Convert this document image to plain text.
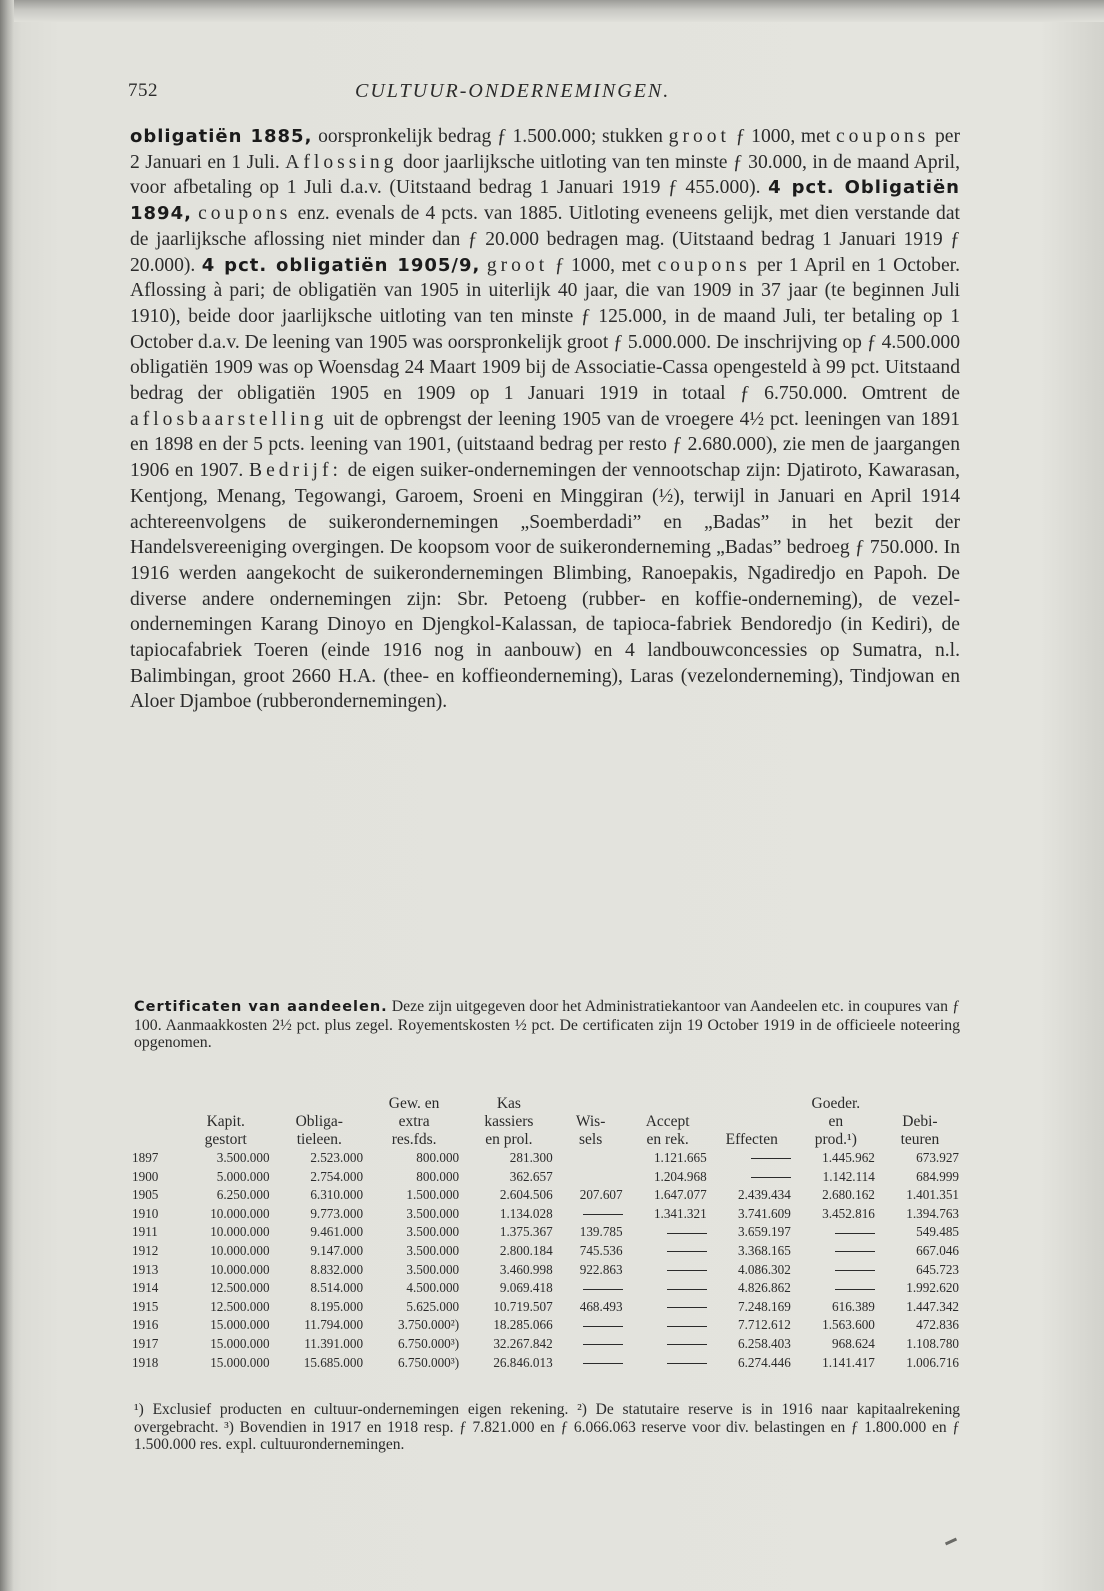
752	CULTUUR-ONDERNEMINGEN.
obligatiën 1885, oorspronkelijk bedrag ƒ 1.500.000; stukken groot ƒ 1000, met coupons per 2 Januari en 1 Juli. Aflossing door jaarlijksche uitloting van ten minste ƒ 30.000, in de maand April, voor afbetaling op 1 Juli d.a.v. (Uitstaand bedrag 1 Januari 1919 ƒ 455.000). 4 pct. Obligatiën 1894, coupons enz. evenals de 4 pcts. van 1885. Uitloting eveneens gelijk, met dien verstande dat de jaarlijksche aflossing niet minder dan ƒ 20.000 bedragen mag. (Uitstaand bedrag 1 Januari 1919 ƒ 20.000). 4 pct. obligatiën 1905/9, groot ƒ 1000, met coupons per 1 April en 1 October. Aflossing à pari; de obligatiën van 1905 in uiterlijk 40 jaar, die van 1909 in 37 jaar (te beginnen Juli 1910), beide door jaarlijksche uitloting van ten minste ƒ 125.000, in de maand Juli, ter betaling op 1 October d.a.v. De leening van 1905 was oorspronkelijk groot ƒ 5.000.000. De inschrijving op ƒ 4.500.000 obligatiën 1909 was op Woensdag 24 Maart 1909 bij de Associatie-Cassa opengesteld à 99 pct. Uitstaand bedrag der obligatiën 1905 en 1909 op 1 Januari 1919 in totaal ƒ 6.750.000. Omtrent de aflosbaarstelling uit de opbrengst der leening 1905 van de vroegere 4½ pct. leeningen van 1891 en 1898 en der 5 pcts. leening van 1901, (uitstaand bedrag per resto ƒ 2.680.000), zie men de jaargangen 1906 en 1907. Bedrijf: de eigen suiker-ondernemingen der vennootschap zijn: Djatiroto, Kawarasan, Kentjong, Menang, Tegowangi, Garoem, Sroeni en Minggiran (½), terwijl in Januari en April 1914 achtereenvolgens de suikerondernemingen „Soemberdadi” en „Badas” in het bezit der Handelsvereeniging overgingen. De koopsom voor de suikeronderneming „Badas” bedroeg ƒ 750.000. In 1916 werden aangekocht de suikerondernemingen Blimbing, Ranoepakis, Ngadiredjo en Papoh. De diverse andere ondernemingen zijn: Sbr. Petoeng (rubber- en koffie-onderneming), de vezel-ondernemingen Karang Dinoyo en Djengkol-Kalassan, de tapioca-fabriek Bendoredjo (in Kediri), de tapiocafabriek Toeren (einde 1916 nog in aanbouw) en 4 landbouwconcessies op Sumatra, n.l. Balimbingan, groot 2660 H.A. (thee- en koffieonderneming), Laras (vezelonderneming), Tindjowan en Aloer Djamboe (rubberondernemingen).
Certificaten van aandeelen. Deze zijn uitgegeven door het Administratiekantoor van Aandeelen etc. in coupures van ƒ 100. Aanmaakkosten 2½ pct. plus zegel. Royementskosten ½ pct. De certificaten zijn 19 October 1919 in de officieele noteering opgenomen.
			Gew. en	Kas				Goeder.	
	Kapit.	Obliga-	extra	kassiers	Wis-	Accept		en	Debi-
	gestort	tieleen.	res.fds.	en prol.	sels	en rek.	Effecten	prod.¹)	teuren
1897	3.500.000	2.523.000	800.000	281.300		1.121.665		1.445.962	673.927
1900	5.000.000	2.754.000	800.000	362.657		1.204.968		1.142.114	684.999
1905	6.250.000	6.310.000	1.500.000	2.604.506	207.607	1.647.077	2.439.434	2.680.162	1.401.351
1910	10.000.000	9.773.000	3.500.000	1.134.028		1.341.321	3.741.609	3.452.816	1.394.763
1911	10.000.000	9.461.000	3.500.000	1.375.367	139.785		3.659.197		549.485
1912	10.000.000	9.147.000	3.500.000	2.800.184	745.536		3.368.165		667.046
1913	10.000.000	8.832.000	3.500.000	3.460.998	922.863		4.086.302		645.723
1914	12.500.000	8.514.000	4.500.000	9.069.418			4.826.862		1.992.620
1915	12.500.000	8.195.000	5.625.000	10.719.507	468.493		7.248.169	616.389	1.447.342
1916	15.000.000	11.794.000	3.750.000²)	18.285.066			7.712.612	1.563.600	472.836
1917	15.000.000	11.391.000	6.750.000³)	32.267.842			6.258.403	968.624	1.108.780
1918	15.000.000	15.685.000	6.750.000³)	26.846.013			6.274.446	1.141.417	1.006.716
¹) Exclusief producten en cultuur-ondernemingen eigen rekening. ²) De statutaire reserve is in 1916 naar kapitaalrekening overgebracht. ³) Bovendien in 1917 en 1918 resp. ƒ 7.821.000 en ƒ 6.066.063 reserve voor div. belastingen en ƒ 1.800.000 en ƒ 1.500.000 res. expl. cultuurondernemingen.
